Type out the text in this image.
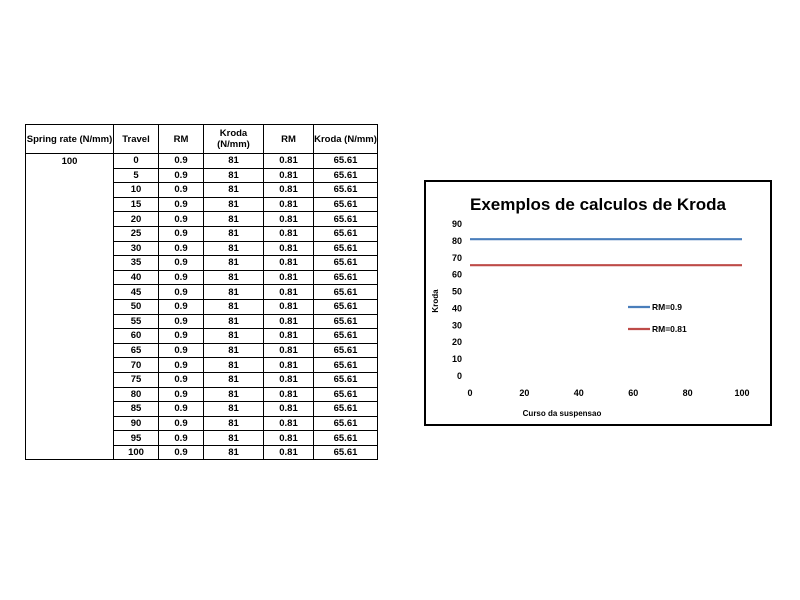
Spring rate (N/mm)	Travel	RM	Kroda (N/mm)	RM	Kroda (N/mm)
100	0	0.9	81	0.81	65.61
	5	0.9	81	0.81	65.61
	10	0.9	81	0.81	65.61
	15	0.9	81	0.81	65.61
	20	0.9	81	0.81	65.61
	25	0.9	81	0.81	65.61
	30	0.9	81	0.81	65.61
	35	0.9	81	0.81	65.61
	40	0.9	81	0.81	65.61
	45	0.9	81	0.81	65.61
	50	0.9	81	0.81	65.61
	55	0.9	81	0.81	65.61
	60	0.9	81	0.81	65.61
	65	0.9	81	0.81	65.61
	70	0.9	81	0.81	65.61
	75	0.9	81	0.81	65.61
	80	0.9	81	0.81	65.61
	85	0.9	81	0.81	65.61
	90	0.9	81	0.81	65.61
	95	0.9	81	0.81	65.61
	100	0.9	81	0.81	65.61
Exemplos de calculos de Kroda
0
10
20
30
40
50
60
70
80
90
0	20	40	60	80	100
Kroda
Curso da suspensao
RM=0.9
RM=0.81
